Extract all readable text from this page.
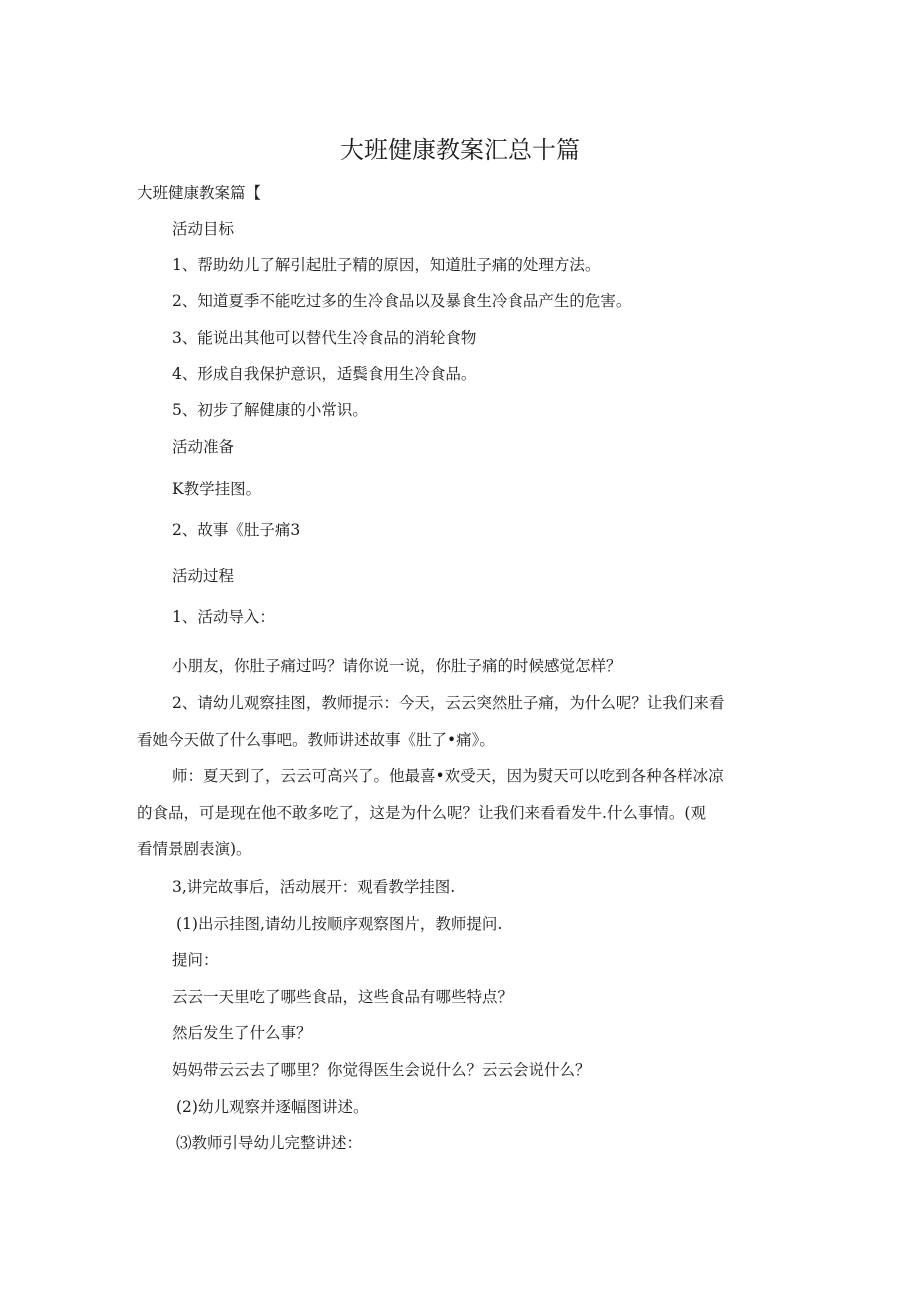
大班健康教案汇总十篇

大班健康教案篇【

活动目标

1、帮助幼儿了解引起肚子精的原因，知道肚子痛的处理方法。

2、知道夏季不能吃过多的生冷食品以及暴食生冷食品产生的危害。

3、能说出其他可以替代生冷食品的消轮食物

4、形成自我保护意识，适鬓食用生冷食品。

5、初步了解健康的小常识。

活动准备

K教学挂图。

2、故事《肚子痛3

活动过程

1、活动导入：

小朋友，你肚子痛过吗？请你说一说，你肚子痛的时候感觉怎样？

2、请幼儿观察挂图，教师提示：今天，云云突然肚子痛，为什么呢？让我们来看

看她今天做了什么事吧。教师讲述故事《肚了•痛》。

师：夏天到了，云云可高兴了。他最喜•欢受天，因为熨天可以吃到各种各样冰凉

的食品，可是现在他不敢多吃了，这是为什么呢？让我们来看看发牛.什么事情。(观

看情景剧表演)。

3,讲完故事后，活动展开：观看教学挂图.

(1)出示挂图,请幼儿按顺序观察图片，教师提问.

提问：

云云一天里吃了哪些食品，这些食品有哪些特点？

然后发生了什么事？

妈妈带云云去了哪里？你觉得医生会说什么？云云会说什么？

(2)幼儿观察并逐幅图讲述。

⑶教师引导幼儿完整讲述：
